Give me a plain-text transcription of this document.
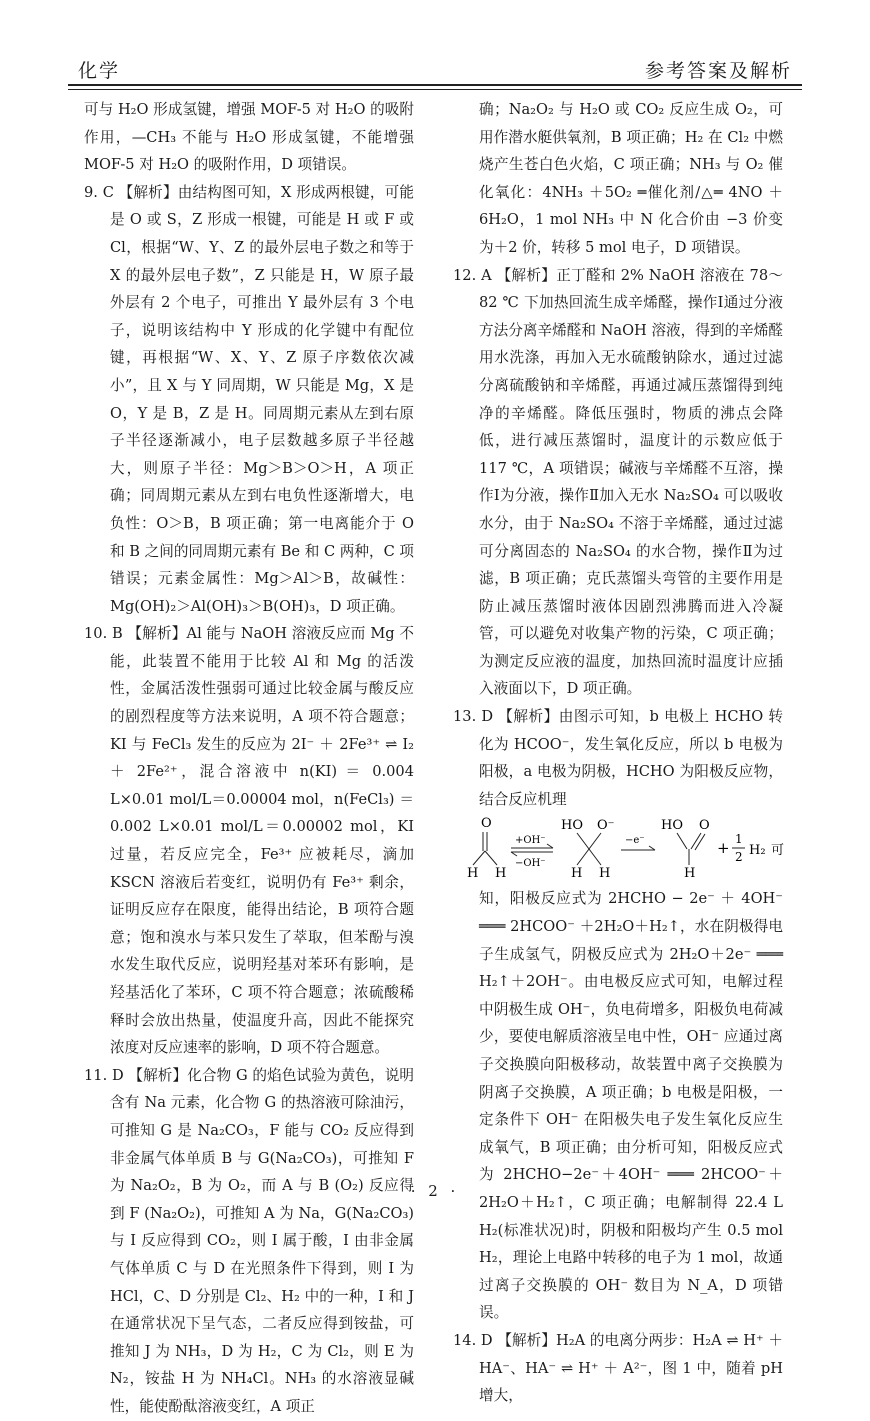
化学	参考答案及解析

可与 H₂O 形成氢键，增强 MOF-5 对 H₂O 的吸附作用，—CH₃ 不能与 H₂O 形成氢键，不能增强 MOF-5 对 H₂O 的吸附作用，D 项错误。

9. C 【解析】由结构图可知，X 形成两根键，可能是 O 或 S，Z 形成一根键，可能是 H 或 F 或 Cl，根据“W、Y、Z 的最外层电子数之和等于 X 的最外层电子数”，Z 只能是 H，W 原子最外层有 2 个电子，可推出 Y 最外层有 3 个电子，说明该结构中 Y 形成的化学键中有配位键，再根据“W、X、Y、Z 原子序数依次减小”，且 X 与 Y 同周期，W 只能是 Mg，X 是 O，Y 是 B，Z 是 H。同周期元素从左到右原子半径逐渐减小，电子层数越多原子半径越大，则原子半径：Mg＞B＞O＞H，A 项正确；同周期元素从左到右电负性逐渐增大，电负性：O＞B，B 项正确；第一电离能介于 O 和 B 之间的同周期元素有 Be 和 C 两种，C 项错误；元素金属性：Mg＞Al＞B，故碱性：Mg(OH)₂＞Al(OH)₃＞B(OH)₃，D 项正确。

10. B 【解析】Al 能与 NaOH 溶液反应而 Mg 不能，此装置不能用于比较 Al 和 Mg 的活泼性，金属活泼性强弱可通过比较金属与酸反应的剧烈程度等方法来说明，A 项不符合题意；KI 与 FeCl₃ 发生的反应为 2I⁻ ＋ 2Fe³⁺ ⇌ I₂ ＋ 2Fe²⁺，混合溶液中 n(KI) ＝ 0.004 L×0.01 mol/L＝0.00004 mol，n(FeCl₃) ＝ 0.002 L×0.01 mol/L＝0.00002 mol，KI 过量，若反应完全，Fe³⁺ 应被耗尽，滴加 KSCN 溶液后若变红，说明仍有 Fe³⁺ 剩余，证明反应存在限度，能得出结论，B 项符合题意；饱和溴水与苯只发生了萃取，但苯酚与溴水发生取代反应，说明羟基对苯环有影响，是羟基活化了苯环，C 项不符合题意；浓硫酸稀释时会放出热量，使温度升高，因此不能探究浓度对反应速率的影响，D 项不符合题意。

11. D 【解析】化合物 G 的焰色试验为黄色，说明含有 Na 元素，化合物 G 的热溶液可除油污，可推知 G 是 Na₂CO₃，F 能与 CO₂ 反应得到非金属气体单质 B 与 G(Na₂CO₃)，可推知 F 为 Na₂O₂，B 为 O₂，而 A 与 B (O₂) 反应得到 F (Na₂O₂)，可推知 A 为 Na，G(Na₂CO₃) 与 I 反应得到 CO₂，则 I 属于酸，I 由非金属气体单质 C 与 D 在光照条件下得到，则 I 为 HCl，C、D 分别是 Cl₂、H₂ 中的一种，I 和 J 在通常状况下呈气态，二者反应得到铵盐，可推知 J 为 NH₃，D 为 H₂，C 为 Cl₂，则 E 为 N₂，铵盐 H 为 NH₄Cl。NH₃ 的水溶液显碱性，能使酚酞溶液变红，A 项正

确；Na₂O₂ 与 H₂O 或 CO₂ 反应生成 O₂，可用作潜水艇供氧剂，B 项正确；H₂ 在 Cl₂ 中燃烧产生苍白色火焰，C 项正确；NH₃ 与 O₂ 催化氧化：4NH₃ ＋5O₂ ═催化剂/△═ 4NO ＋ 6H₂O，1 mol NH₃ 中 N 化合价由 −3 价变为＋2 价，转移 5 mol 电子，D 项错误。

12. A 【解析】正丁醛和 2% NaOH 溶液在 78～82 ℃ 下加热回流生成辛烯醛，操作Ⅰ通过分液方法分离辛烯醛和 NaOH 溶液，得到的辛烯醛用水洗涤，再加入无水硫酸钠除水，通过过滤分离硫酸钠和辛烯醛，再通过减压蒸馏得到纯净的辛烯醛。降低压强时，物质的沸点会降低，进行减压蒸馏时，温度计的示数应低于 117 ℃，A 项错误；碱液与辛烯醛不互溶，操作Ⅰ为分液，操作Ⅱ加入无水 Na₂SO₄ 可以吸收水分，由于 Na₂SO₄ 不溶于辛烯醛，通过过滤可分离固态的 Na₂SO₄ 的水合物，操作Ⅱ为过滤，B 项正确；克氏蒸馏头弯管的主要作用是防止减压蒸馏时液体因剧烈沸腾而进入冷凝管，可以避免对收集产物的污染，C 项正确；为测定反应液的温度，加热回流时温度计应插入液面以下，D 项正确。

13. D 【解析】由图示可知，b 电极上 HCHO 转化为 HCOO⁻，发生氧化反应，所以 b 电极为阳极，a 电极为阴极，HCHO 为阳极反应物，结合反应机理

O
H H
+OH⁻
−OH⁻
HO O⁻
H H
−e⁻
HO O
H
+ 1
2 H₂ 可

知，阳极反应式为 2HCHO − 2e⁻ ＋ 4OH⁻ ═══ 2HCOO⁻ ＋2H₂O＋H₂↑，水在阴极得电子生成氢气，阴极反应式为 2H₂O＋2e⁻ ═══ H₂↑＋2OH⁻。由电极反应式可知，电解过程中阴极生成 OH⁻，负电荷增多，阳极负电荷减少，要使电解质溶液呈电中性，OH⁻ 应通过离子交换膜向阳极移动，故装置中离子交换膜为阴离子交换膜，A 项正确；b 电极是阳极，一定条件下 OH⁻ 在阳极失电子发生氧化反应生成氧气，B 项正确；由分析可知，阳极反应式为 2HCHO−2e⁻＋4OH⁻ ═══ 2HCOO⁻＋2H₂O＋H₂↑，C 项正确；电解制得 22.4 L H₂(标准状况)时，阴极和阳极均产生 0.5 mol H₂，理论上电路中转移的电子为 1 mol，故通过离子交换膜的 OH⁻ 数目为 N_A，D 项错误。

14. D 【解析】H₂A 的电离分两步：H₂A ⇌ H⁺ ＋ HA⁻、HA⁻ ⇌ H⁺ ＋ A²⁻，图 1 中，随着 pH 增大，

· 2 ·
